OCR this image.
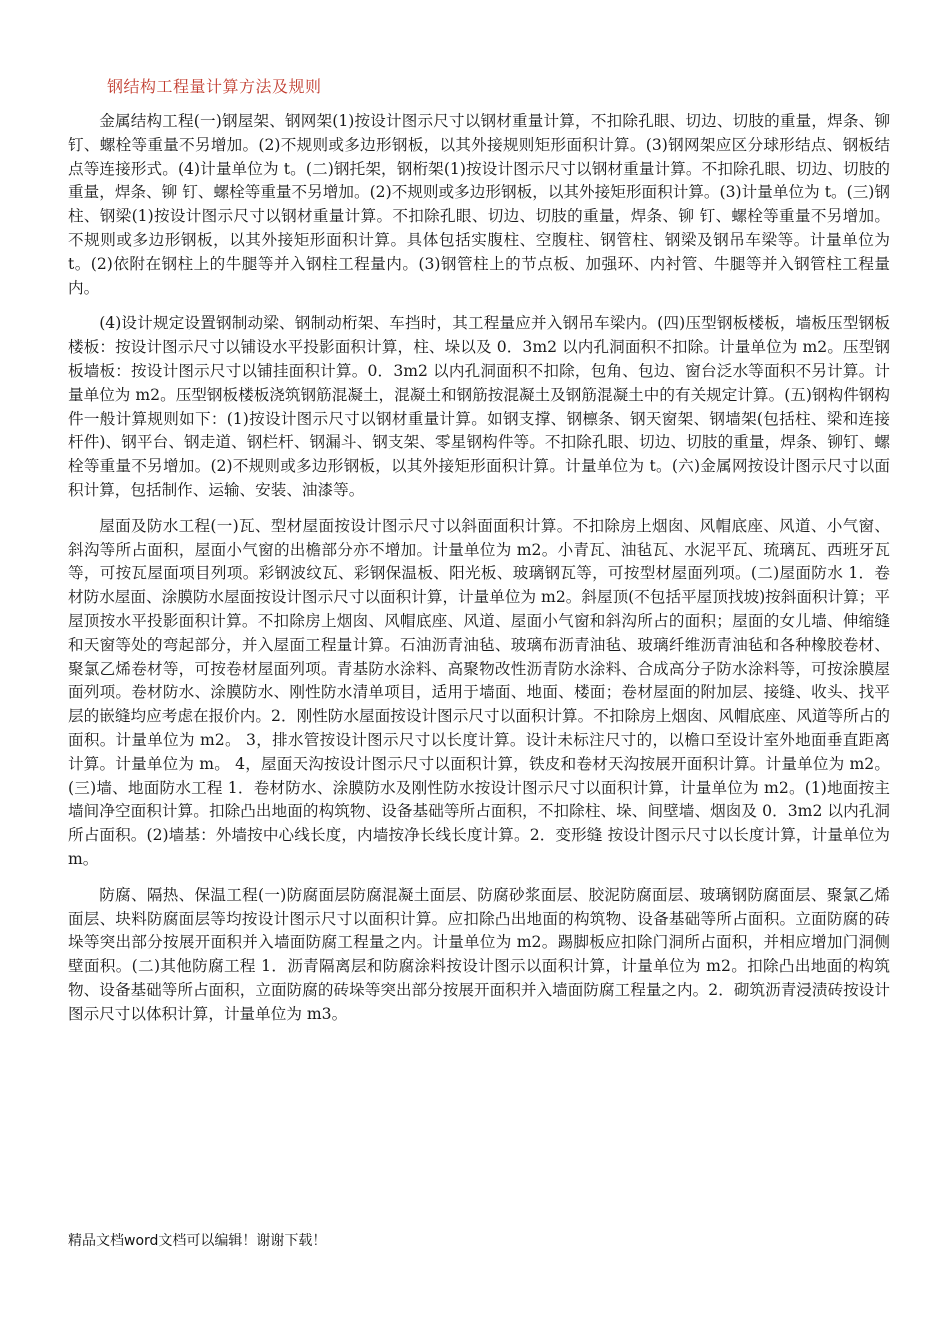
钢结构工程量计算方法及规则

金属结构工程(一)钢屋架、钢网架(1)按设计图示尺寸以钢材重量计算，不扣除孔眼、切边、切肢的重量，焊条、铆钉、螺栓等重量不另增加。(2)不规则或多边形钢板，以其外接规则矩形面积计算。(3)钢网架应区分球形结点、钢板结点等连接形式。(4)计量单位为 t。(二)钢托架，钢桁架(1)按设计图示尺寸以钢材重量计算。不扣除孔眼、切边、切肢的重量，焊条、铆 钉、螺栓等重量不另增加。(2)不规则或多边形钢板，以其外接矩形面积计算。(3)计量单位为 t。(三)钢柱、钢梁(1)按设计图示尺寸以钢材重量计算。不扣除孔眼、切边、切肢的重量，焊条、铆 钉、螺栓等重量不另增加。不规则或多边形钢板，以其外接矩形面积计算。具体包括实腹柱、空腹柱、钢管柱、钢梁及钢吊车梁等。计量单位为 t。(2)依附在钢柱上的牛腿等并入钢柱工程量内。(3)钢管柱上的节点板、加强环、内衬管、牛腿等并入钢管柱工程量内。

(4)设计规定设置钢制动梁、钢制动桁架、车挡时，其工程量应并入钢吊车梁内。(四)压型钢板楼板，墙板压型钢板楼板：按设计图示尺寸以铺设水平投影面积计算，柱、垛以及 0．3m2 以内孔洞面积不扣除。计量单位为 m2。压型钢板墙板：按设计图示尺寸以铺挂面积计算。0．3m2 以内孔洞面积不扣除，包角、包边、窗台泛水等面积不另计算。计量单位为 m2。压型钢板楼板浇筑钢筋混凝土，混凝土和钢筋按混凝土及钢筋混凝土中的有关规定计算。(五)钢构件钢构件一般计算规则如下：(1)按设计图示尺寸以钢材重量计算。如钢支撑、钢檩条、钢天窗架、钢墙架(包括柱、梁和连接杆件)、钢平台、钢走道、钢栏杆、钢漏斗、钢支架、零星钢构件等。不扣除孔眼、切边、切肢的重量，焊条、铆钉、螺栓等重量不另增加。(2)不规则或多边形钢板，以其外接矩形面积计算。计量单位为 t。(六)金属网按设计图示尺寸以面积计算，包括制作、运输、安装、油漆等。

屋面及防水工程(一)瓦、型材屋面按设计图示尺寸以斜面面积计算。不扣除房上烟囱、风帽底座、风道、小气窗、斜沟等所占面积，屋面小气窗的出檐部分亦不增加。计量单位为 m2。小青瓦、油毡瓦、水泥平瓦、琉璃瓦、西班牙瓦等，可按瓦屋面项目列项。彩钢波纹瓦、彩钢保温板、阳光板、玻璃钢瓦等，可按型材屋面列项。(二)屋面防水 1．卷材防水屋面、涂膜防水屋面按设计图示尺寸以面积计算，计量单位为 m2。斜屋顶(不包括平屋顶找坡)按斜面积计算；平屋顶按水平投影面积计算。不扣除房上烟囱、风帽底座、风道、屋面小气窗和斜沟所占的面积；屋面的女儿墙、伸缩缝和天窗等处的弯起部分，并入屋面工程量计算。石油沥青油毡、玻璃布沥青油毡、玻璃纤维沥青油毡和各种橡胶卷材、聚氯乙烯卷材等，可按卷材屋面列项。青基防水涂料、高聚物改性沥青防水涂料、合成高分子防水涂料等，可按涂膜屋面列项。卷材防水、涂膜防水、刚性防水清单项目，适用于墙面、地面、楼面；卷材屋面的附加层、接缝、收头、找平层的嵌缝均应考虑在报价内。2．刚性防水屋面按设计图示尺寸以面积计算。不扣除房上烟囱、风帽底座、风道等所占的面积。计量单位为 m2。 3，排水管按设计图示尺寸以长度计算。设计未标注尺寸的，以檐口至设计室外地面垂直距离计算。计量单位为 m。 4，屋面天沟按设计图示尺寸以面积计算，铁皮和卷材天沟按展开面积计算。计量单位为 m2。(三)墙、地面防水工程 1．卷材防水、涂膜防水及刚性防水按设计图示尺寸以面积计算，计量单位为 m2。(1)地面按主墙间净空面积计算。扣除凸出地面的构筑物、设备基础等所占面积，不扣除柱、垛、间壁墙、烟囱及 0．3m2 以内孔洞所占面积。(2)墙基：外墙按中心线长度，内墙按净长线长度计算。2．变形缝 按设计图示尺寸以长度计算，计量单位为 m。

防腐、隔热、保温工程(一)防腐面层防腐混凝土面层、防腐砂浆面层、胶泥防腐面层、玻璃钢防腐面层、聚氯乙烯面层、块料防腐面层等均按设计图示尺寸以面积计算。应扣除凸出地面的构筑物、设备基础等所占面积。立面防腐的砖垛等突出部分按展开面积并入墙面防腐工程量之内。计量单位为 m2。踢脚板应扣除门洞所占面积，并相应增加门洞侧壁面积。(二)其他防腐工程 1．沥青隔离层和防腐涂料按设计图示以面积计算，计量单位为 m2。扣除凸出地面的构筑物、设备基础等所占面积，立面防腐的砖垛等突出部分按展开面积并入墙面防腐工程量之内。2．砌筑沥青浸渍砖按设计图示尺寸以体积计算，计量单位为 m3。

精品文档word文档可以编辑！谢谢下载！
